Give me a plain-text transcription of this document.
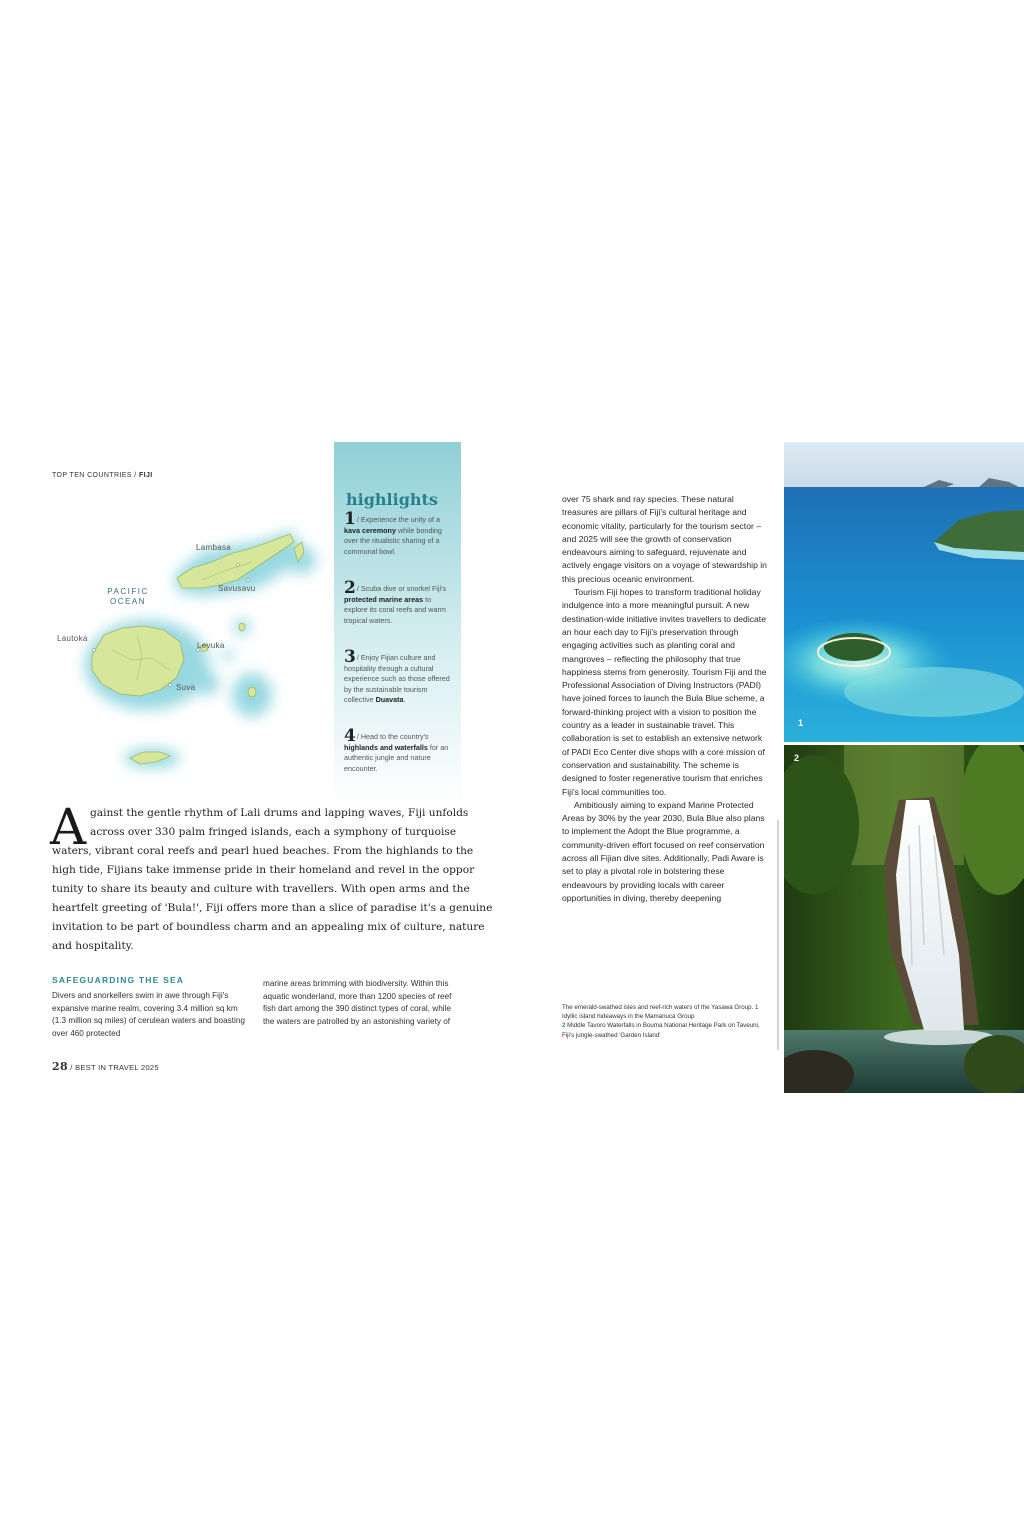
TOP TEN COUNTRIES / FIJI
Lambasa
Savusavu
Lautoka
Levuka
Suva
PACIFIC
OCEAN
highlights
1/ Experience the unity of a kava ceremony while bonding over the ritualistic sharing of a communal bowl.
2/ Scuba dive or snorkel Fiji's protected marine areas to explore its coral reefs and warm tropical waters.
3/ Enjoy Fijian culture and hospitality through a cultural experience such as those offered by the sustainable tourism collective Duavata.
4/ Head to the country's highlands and waterfalls for an authentic jungle and nature encounter.
A gainst the gentle rhythm of Lali drums and lapping waves, Fiji unfolds
across over 330 palm fringed islands, each a symphony of turquoise
waters, vibrant coral reefs and pearl hued beaches. From the highlands to the
high tide, Fijians take immense pride in their homeland and revel in the oppor
tunity to share its beauty and culture with travellers. With open arms and the
heartfelt greeting of 'Bula!', Fiji offers more than a slice of paradise it's a genuine
invitation to be part of boundless charm and an appealing mix of culture, nature
and hospitality.
SAFEGUARDING THE SEA
Divers and snorkellers swim in awe through Fiji's expansive marine realm, covering 3.4 million sq km (1.3 million sq miles) of cerulean waters and boasting over 460 protected
marine areas brimming with biodiversity. Within this aquatic wonderland, more than 1200 species of reef fish dart among the 390 distinct types of coral, while the waters are patrolled by an astonishing variety of
28 / BEST IN TRAVEL 2025

over 75 shark and ray species. These natural treasures are pillars of Fiji's cultural heritage and economic vitality, particularly for the tourism sector – and 2025 will see the growth of conservation endeavours aiming to safeguard, rejuvenate and actively engage visitors on a voyage of stewardship in this precious oceanic environment.

Tourism Fiji hopes to transform traditional holiday indulgence into a more meaningful pursuit. A new destination-wide initiative invites travellers to dedicate an hour each day to Fiji's preservation through engaging activities such as planting coral and mangroves – reflecting the philosophy that true happiness stems from generosity. Tourism Fiji and the Professional Association of Diving Instructors (PADI) have joined forces to launch the Bula Blue scheme, a forward-thinking project with a vision to position the country as a leader in sustainable travel. This collaboration is set to establish an extensive network of PADI Eco Center dive shops with a core mission of conservation and sustainability. The scheme is designed to foster regenerative tourism that enriches Fiji's local communities too.

Ambitiously aiming to expand Marine Protected Areas by 30% by the year 2030, Bula Blue also plans to implement the Adopt the Blue programme, a community-driven effort focused on reef conservation across all Fijian dive sites. Additionally, Padi Aware is set to play a pivotal role in bolstering these endeavours by providing locals with career opportunities in diving, thereby deepening

The emerald-swathed isles and reef-rich waters of the Yasawa Group. 1 Idyllic island hideaways in the Mamanuca Group
2 Middle Tavoro Waterfalls in Bouma National Heritage Park on Taveuni, Fiji's jungle-swathed 'Garden Island'
1
2
